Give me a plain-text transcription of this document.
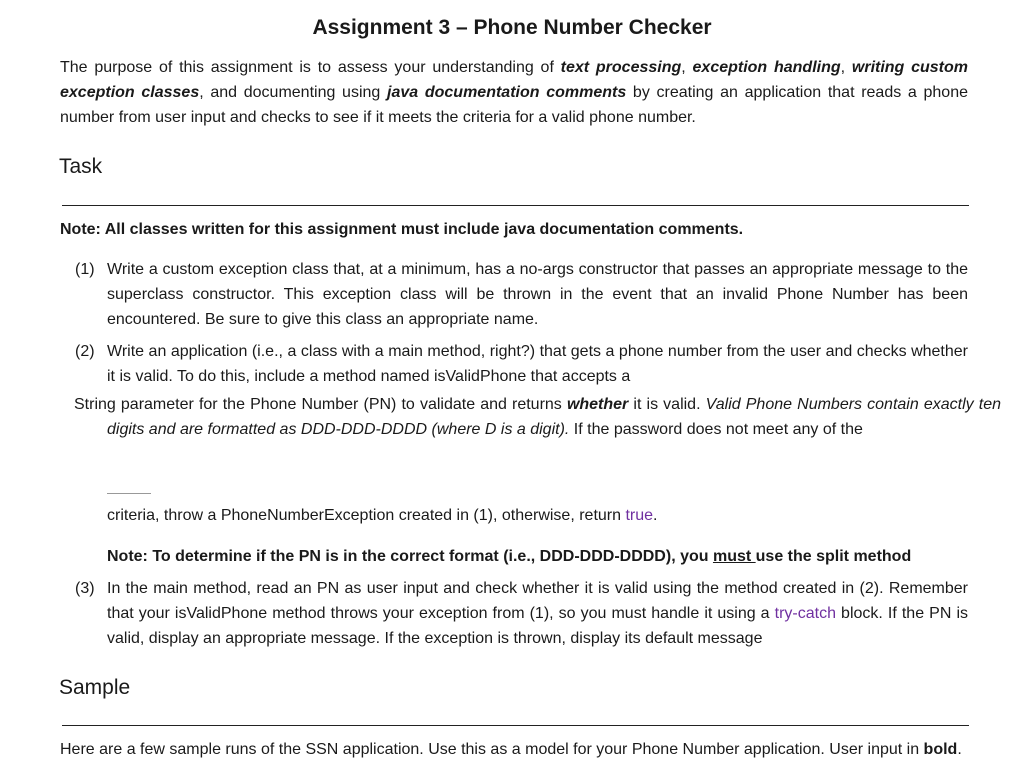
Assignment 3 – Phone Number Checker

The purpose of this assignment is to assess your understanding of text processing, exception handling, writing custom exception classes, and documenting using java documentation comments by creating an application that reads a phone number from user input and checks to see if it meets the criteria for a valid phone number.

Task

Note: All classes written for this assignment must include java documentation comments.

(1) Write a custom exception class that, at a minimum, has a no-args constructor that passes an appropriate message to the superclass constructor. This exception class will be thrown in the event that an invalid Phone Number has been encountered. Be sure to give this class an appropriate name.
(2) Write an application (i.e., a class with a main method, right?) that gets a phone number from the user and checks whether it is valid. To do this, include a method named isValidPhone that accepts a

String parameter for the Phone Number (PN) to validate and returns whether it is valid. Valid Phone Numbers contain exactly ten digits and are formatted as DDD-DDD-DDDD (where D is a digit). If the password does not meet any of the

criteria, throw a PhoneNumberException created in (1), otherwise, return true.

Note: To determine if the PN is in the correct format (i.e., DDD-DDD-DDDD), you must use the split method

(3) In the main method, read an PN as user input and check whether it is valid using the method created in (2). Remember that your isValidPhone method throws your exception from (1), so you must handle it using a try-catch block. If the PN is valid, display an appropriate message. If the exception is thrown, display its default message
Sample

Here are a few sample runs of the SSN application. Use this as a model for your Phone Number application. User input in bold.
